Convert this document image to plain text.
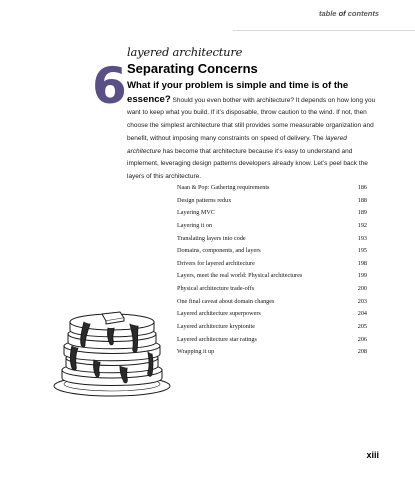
table of contents
6
layered architecture
Separating Concerns
What if your problem is simple and time is of the essence? Should you even bother with architecture? It depends on how long you want to keep what you build. If it’s disposable, throw caution to the wind. If not, then choose the simplest architecture that still provides some measurable organization and benefit, without imposing many constraints on speed of delivery. The layered architecture has become that architecture because it’s easy to understand and implement, leveraging design patterns developers already know. Let’s peel back the layers of this architecture.
Naan & Pop: Gathering requirements	186
Design patterns redux	188
Layering MVC	189
Layering it on	192
Translating layers into code	193
Domains, components, and layers	195
Drivers for layered architecture	198
Layers, meet the real world: Physical architectures	199
Physical architecture trade-offs	200
One final caveat about domain changes	203
Layered architecture superpowers	204
Layered architecture kryptonite	205
Layered architecture star ratings	206
Wrapping it up	208
xiii
